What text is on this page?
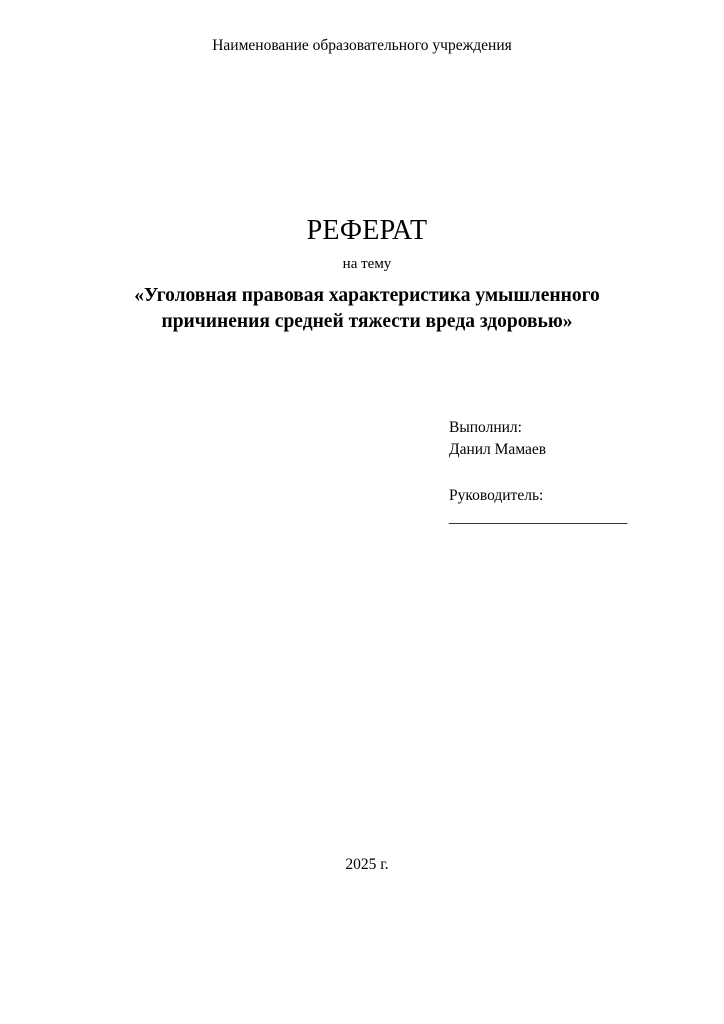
Наименование образовательного учреждения
РЕФЕРАТ
на тему
«Уголовная правовая характеристика умышленного
причинения средней тяжести вреда здоровью»
Выполнил:
Данил Мамаев
Руководитель:
_______________________
2025 г.
